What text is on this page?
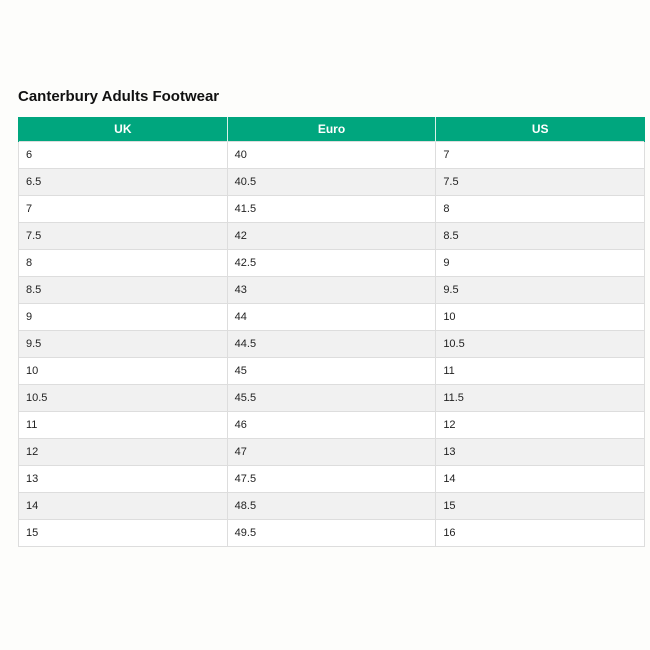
Canterbury Adults Footwear
UK	Euro	US
6	40	7
6.5	40.5	7.5
7	41.5	8
7.5	42	8.5
8	42.5	9
8.5	43	9.5
9	44	10
9.5	44.5	10.5
10	45	11
10.5	45.5	11.5
11	46	12
12	47	13
13	47.5	14
14	48.5	15
15	49.5	16
